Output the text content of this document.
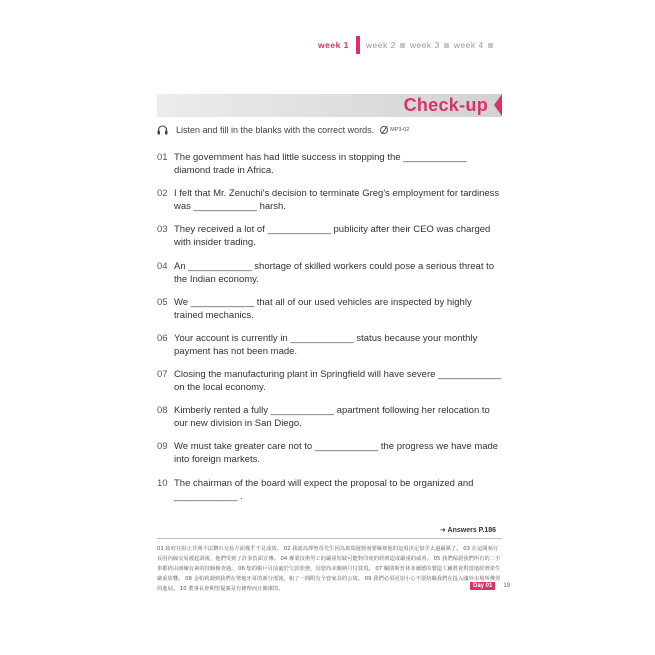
week 1 week 2 week 3 week 4
Check-up
Listen and fill in the blanks with the correct words.	MP3-02
01 The government has had little success in stopping the ____________ diamond trade in Africa.
02 I felt that Mr. Zenuchi's decision to terminate Greg's employment for tardiness was ____________ harsh.
03 They received a lot of ____________ publicity after their CEO was charged with insider trading.
04 An ____________ shortage of skilled workers could pose a serious threat to the Indian economy.
05 We ____________ that all of our used vehicles are inspected by highly trained mechanics.
06 Your account is currently in ____________ status because your monthly payment has not been made.
07 Closing the manufacturing plant in Springfield will have severe ____________ on the local economy.
08 Kimberly rented a fully ____________ apartment following her relocation to our new division in San Diego.
09 We must take greater care not to ____________ the progress we have made into foreign markets.
10 The chairman of the board will expect the proposal to be organized and ____________ .
➔ Answers P.186
01 政府在阻止非洲不法鑽石交易方面幾乎不見成效。 02 我認為澤努奇先生因為葛瑞遲到而要解雇他的這項決定似乎太過嚴厲了。 03 在這間執行長因內線交易被起訴後，他們受到了許多負面宣傳。 04 專業技術勞工的嚴重短缺可能對印度的經濟造成嚴重的威脅。 05 我們保證我們所有的二手車都經由訓練有素的技師檢查過。 06 您的帳戶目前處於欠款狀態，因您尚未繳納月付款項。 07 關閉斯普林菲爾德的製造工廠將會對當地經濟產生嚴重影響。 08 金柏莉調到我們在聖地牙哥的新分部後，租了一間附有全套家具的公寓。 09 我們必須更加小心不要妨礙我們在投入國外市場所獲得的進展。 10 董事長會期望提案是有條理而且簡潔的。	Day 01	19
